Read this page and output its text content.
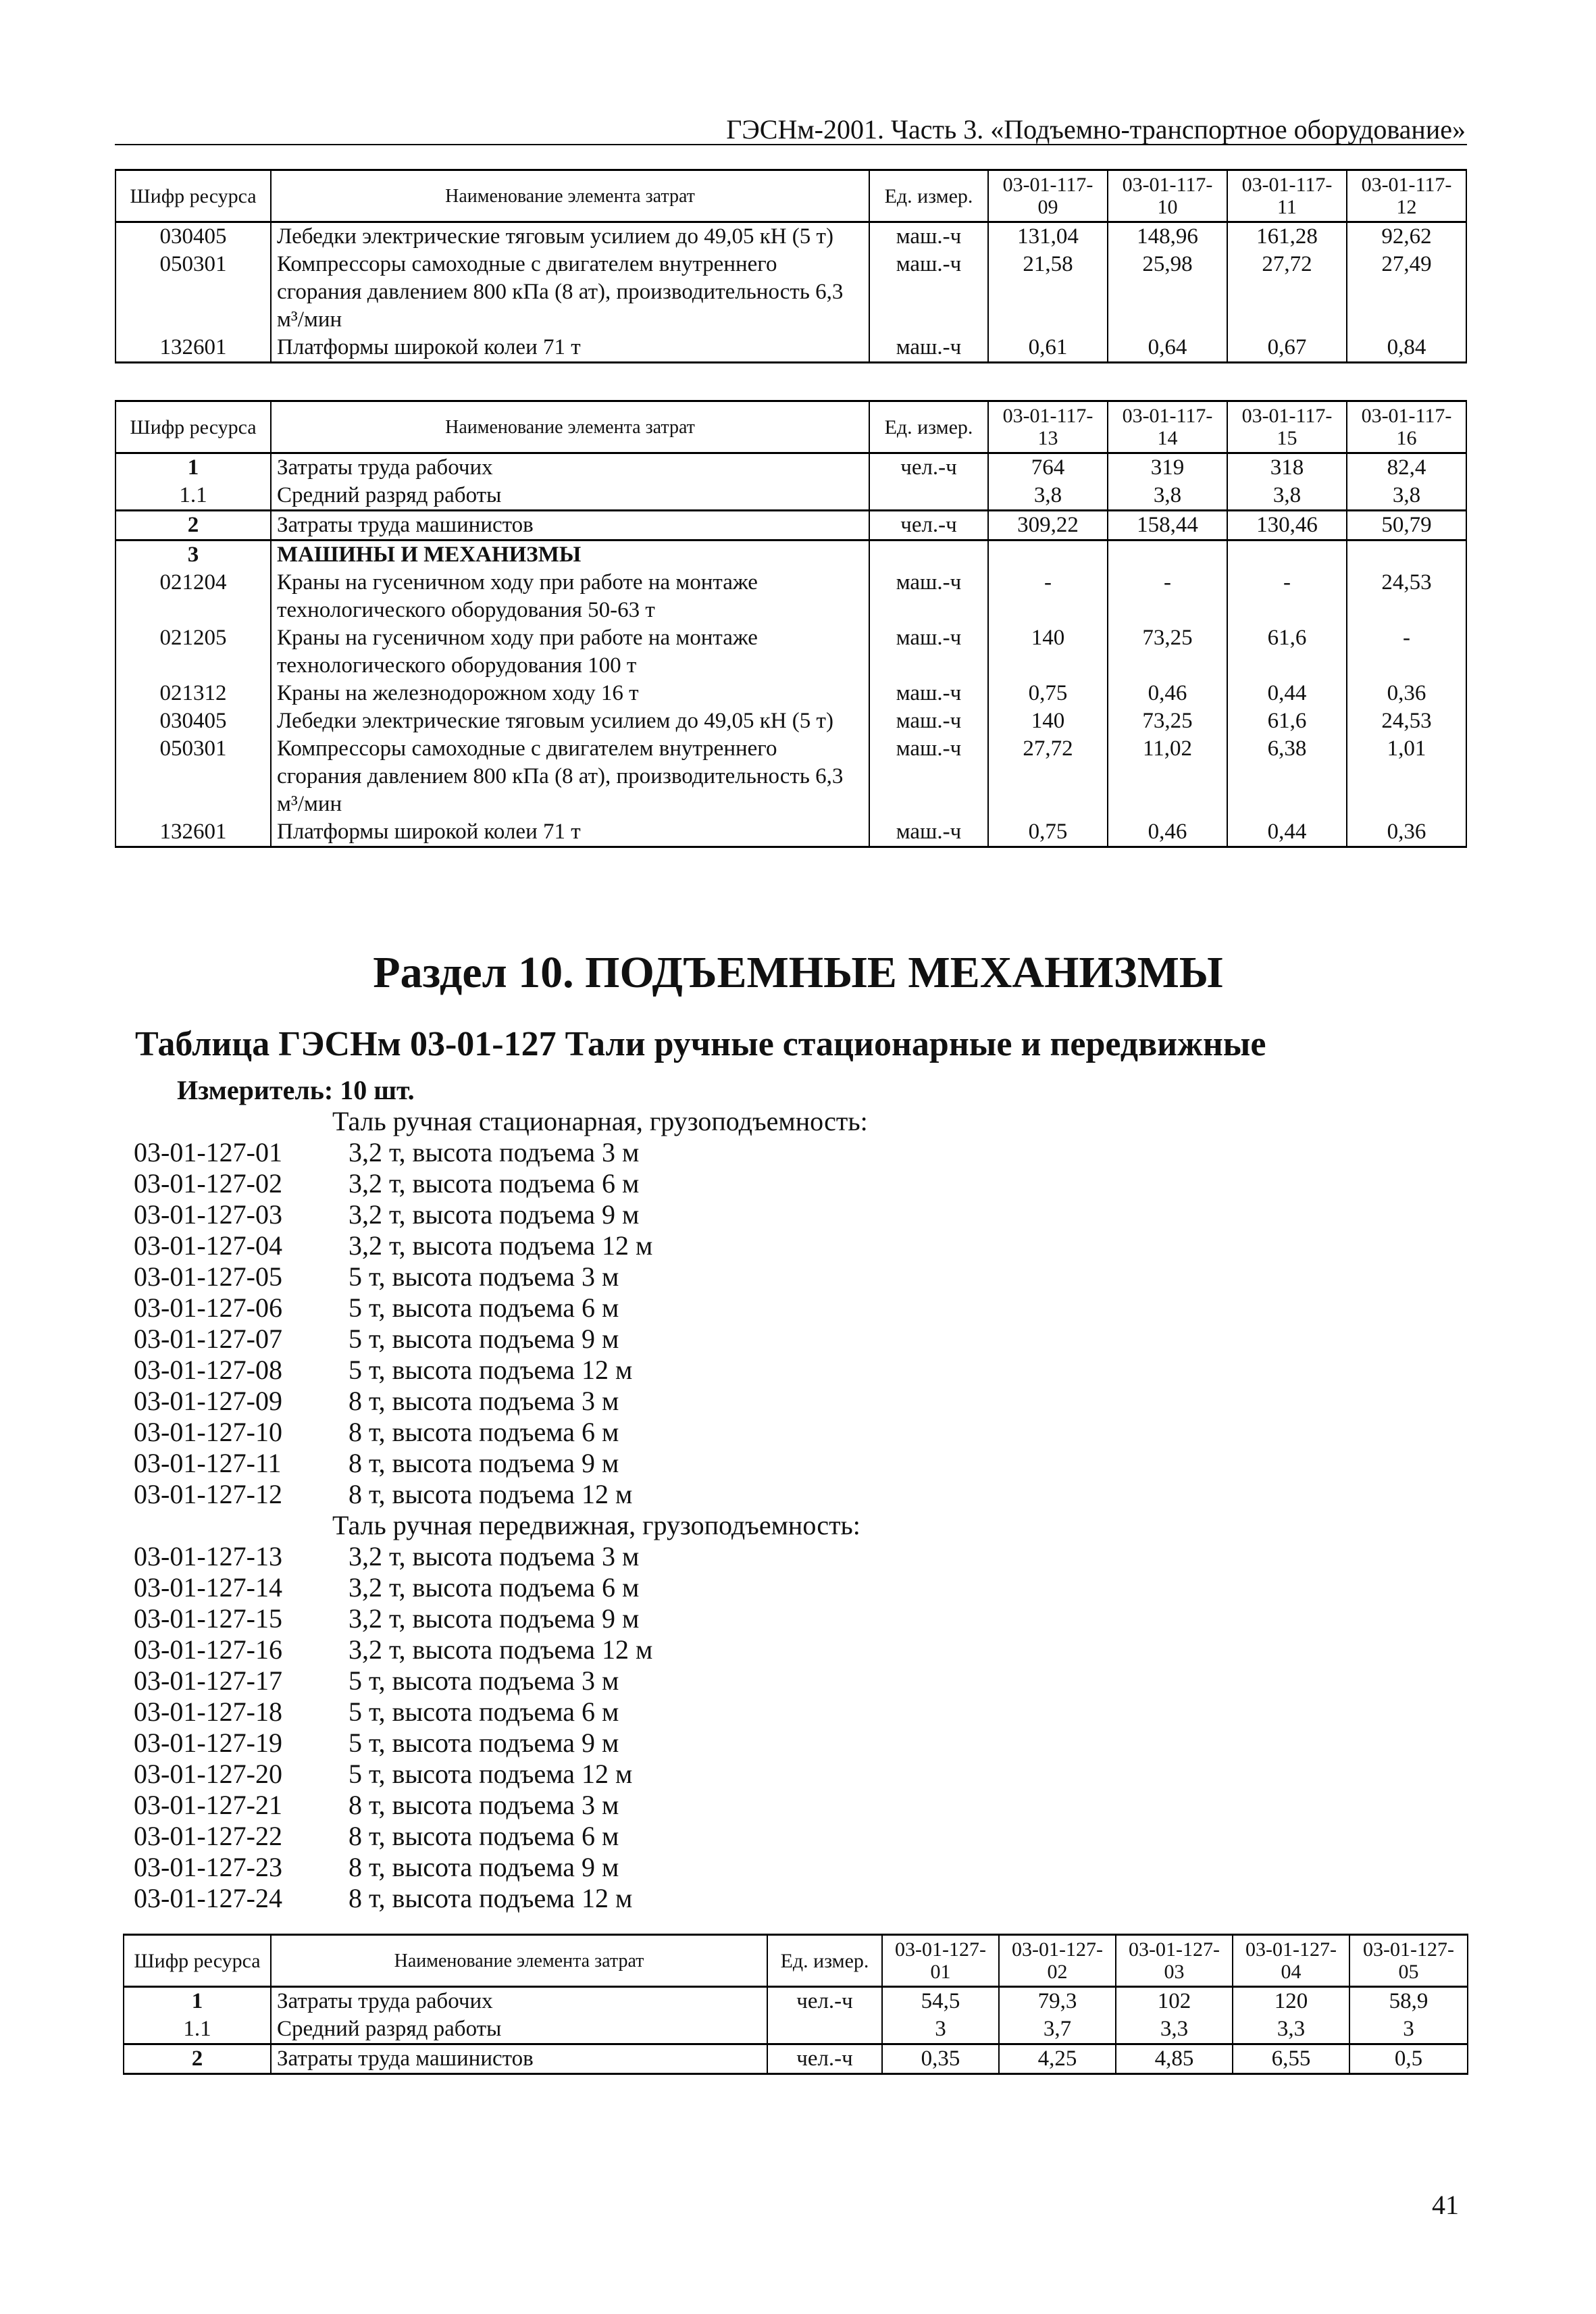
ГЭСНм-2001. Часть 3. «Подъемно-транспортное оборудование»
Шифр ресурса	Наименование элемента затрат	Ед. измер.	03-01-117-09	03-01-117-10	03-01-117-11	03-01-117-12
030405	Лебедки электрические тяговым усилием до 49,05 кН (5 т)	маш.-ч	131,04	148,96	161,28	92,62
050301	Компрессоры самоходные с двигателем внутреннего сгорания давлением 800 кПа (8 ат), производительность 6,3 м³/мин	маш.-ч	21,58	25,98	27,72	27,49
132601	Платформы широкой колеи 71 т	маш.-ч	0,61	0,64	0,67	0,84
Шифр ресурса	Наименование элемента затрат	Ед. измер.	03-01-117-13	03-01-117-14	03-01-117-15	03-01-117-16
1	Затраты труда рабочих	чел.-ч	764	319	318	82,4
1.1	Средний разряд работы		3,8	3,8	3,8	3,8
2	Затраты труда машинистов	чел.-ч	309,22	158,44	130,46	50,79
3	МАШИНЫ И МЕХАНИЗМЫ					
021204	Краны на гусеничном ходу при работе на монтаже технологического оборудования 50-63 т	маш.-ч	-	-	-	24,53
021205	Краны на гусеничном ходу при работе на монтаже технологического оборудования 100 т	маш.-ч	140	73,25	61,6	-
021312	Краны на железнодорожном ходу 16 т	маш.-ч	0,75	0,46	0,44	0,36
030405	Лебедки электрические тяговым усилием до 49,05 кН (5 т)	маш.-ч	140	73,25	61,6	24,53
050301	Компрессоры самоходные с двигателем внутреннего сгорания давлением 800 кПа (8 ат), производительность 6,3 м³/мин	маш.-ч	27,72	11,02	6,38	1,01
132601	Платформы широкой колеи 71 т	маш.-ч	0,75	0,46	0,44	0,36
Раздел 10. ПОДЪЕМНЫЕ МЕХАНИЗМЫ
Таблица ГЭСНм 03-01-127 Тали ручные стационарные и передвижные
Измеритель: 10 шт.
Таль ручная стационарная, грузоподъемность:
03-01-127-01 3,2 т, высота подъема 3 м
03-01-127-02 3,2 т, высота подъема 6 м
03-01-127-03 3,2 т, высота подъема 9 м
03-01-127-04 3,2 т, высота подъема 12 м
03-01-127-05 5 т, высота подъема 3 м
03-01-127-06 5 т, высота подъема 6 м
03-01-127-07 5 т, высота подъема 9 м
03-01-127-08 5 т, высота подъема 12 м
03-01-127-09 8 т, высота подъема 3 м
03-01-127-10 8 т, высота подъема 6 м
03-01-127-11 8 т, высота подъема 9 м
03-01-127-12 8 т, высота подъема 12 м
Таль ручная передвижная, грузоподъемность:
03-01-127-13 3,2 т, высота подъема 3 м
03-01-127-14 3,2 т, высота подъема 6 м
03-01-127-15 3,2 т, высота подъема 9 м
03-01-127-16 3,2 т, высота подъема 12 м
03-01-127-17 5 т, высота подъема 3 м
03-01-127-18 5 т, высота подъема 6 м
03-01-127-19 5 т, высота подъема 9 м
03-01-127-20 5 т, высота подъема 12 м
03-01-127-21 8 т, высота подъема 3 м
03-01-127-22 8 т, высота подъема 6 м
03-01-127-23 8 т, высота подъема 9 м
03-01-127-24 8 т, высота подъема 12 м
Шифр ресурса	Наименование элемента затрат	Ед. измер.	03-01-127-01	03-01-127-02	03-01-127-03	03-01-127-04	03-01-127-05
1	Затраты труда рабочих	чел.-ч	54,5	79,3	102	120	58,9
1.1	Средний разряд работы		3	3,7	3,3	3,3	3
2	Затраты труда машинистов	чел.-ч	0,35	4,25	4,85	6,55	0,5
41
